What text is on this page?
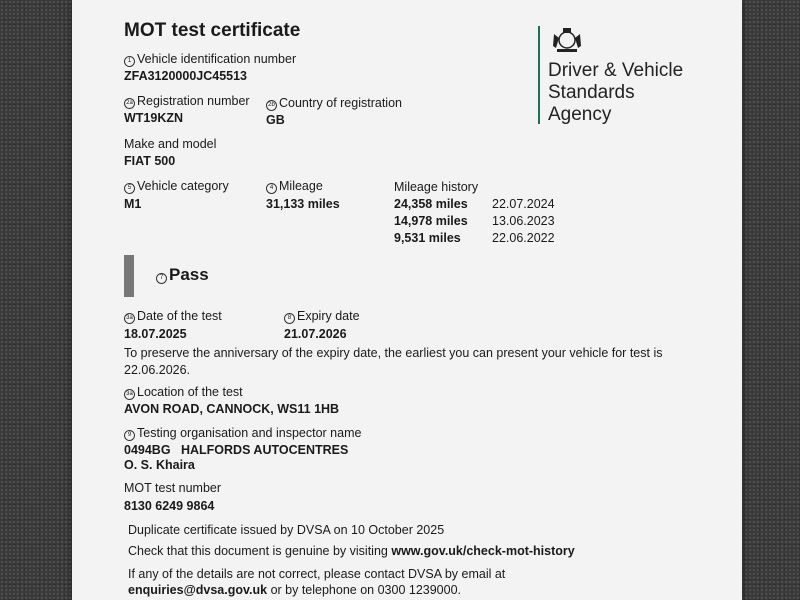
MOT test certificate
Driver & Vehicle
Standards
Agency
1 Vehicle identification number
ZFA3120000JC45513
2a Registration number
WT19KZN
2b Country of registration
GB
Make and model
FIAT 500
5 Vehicle category
M1
4 Mileage
31,133 miles
Mileage history
24,358 miles 22.07.2024
14,978 miles 13.06.2023
9,531 miles	22.06.2022
7 Pass
3a Date of the test
18.07.2025
8 Expiry date
21.07.2026
To preserve the anniversary of the expiry date, the earliest you can present your vehicle for test is
22.06.2026.
3a Location of the test
AVON ROAD, CANNOCK, WS11 1HB
9 Testing organisation and inspector name
0494BG   HALFORDS AUTOCENTRES
O. S. Khaira
MOT test number
8130 6249 9864
Duplicate certificate issued by DVSA on 10 October 2025
Check that this document is genuine by visiting www.gov.uk/check-mot-history
If any of the details are not correct, please contact DVSA by email at
enquiries@dvsa.gov.uk or by telephone on 0300 1239000.
